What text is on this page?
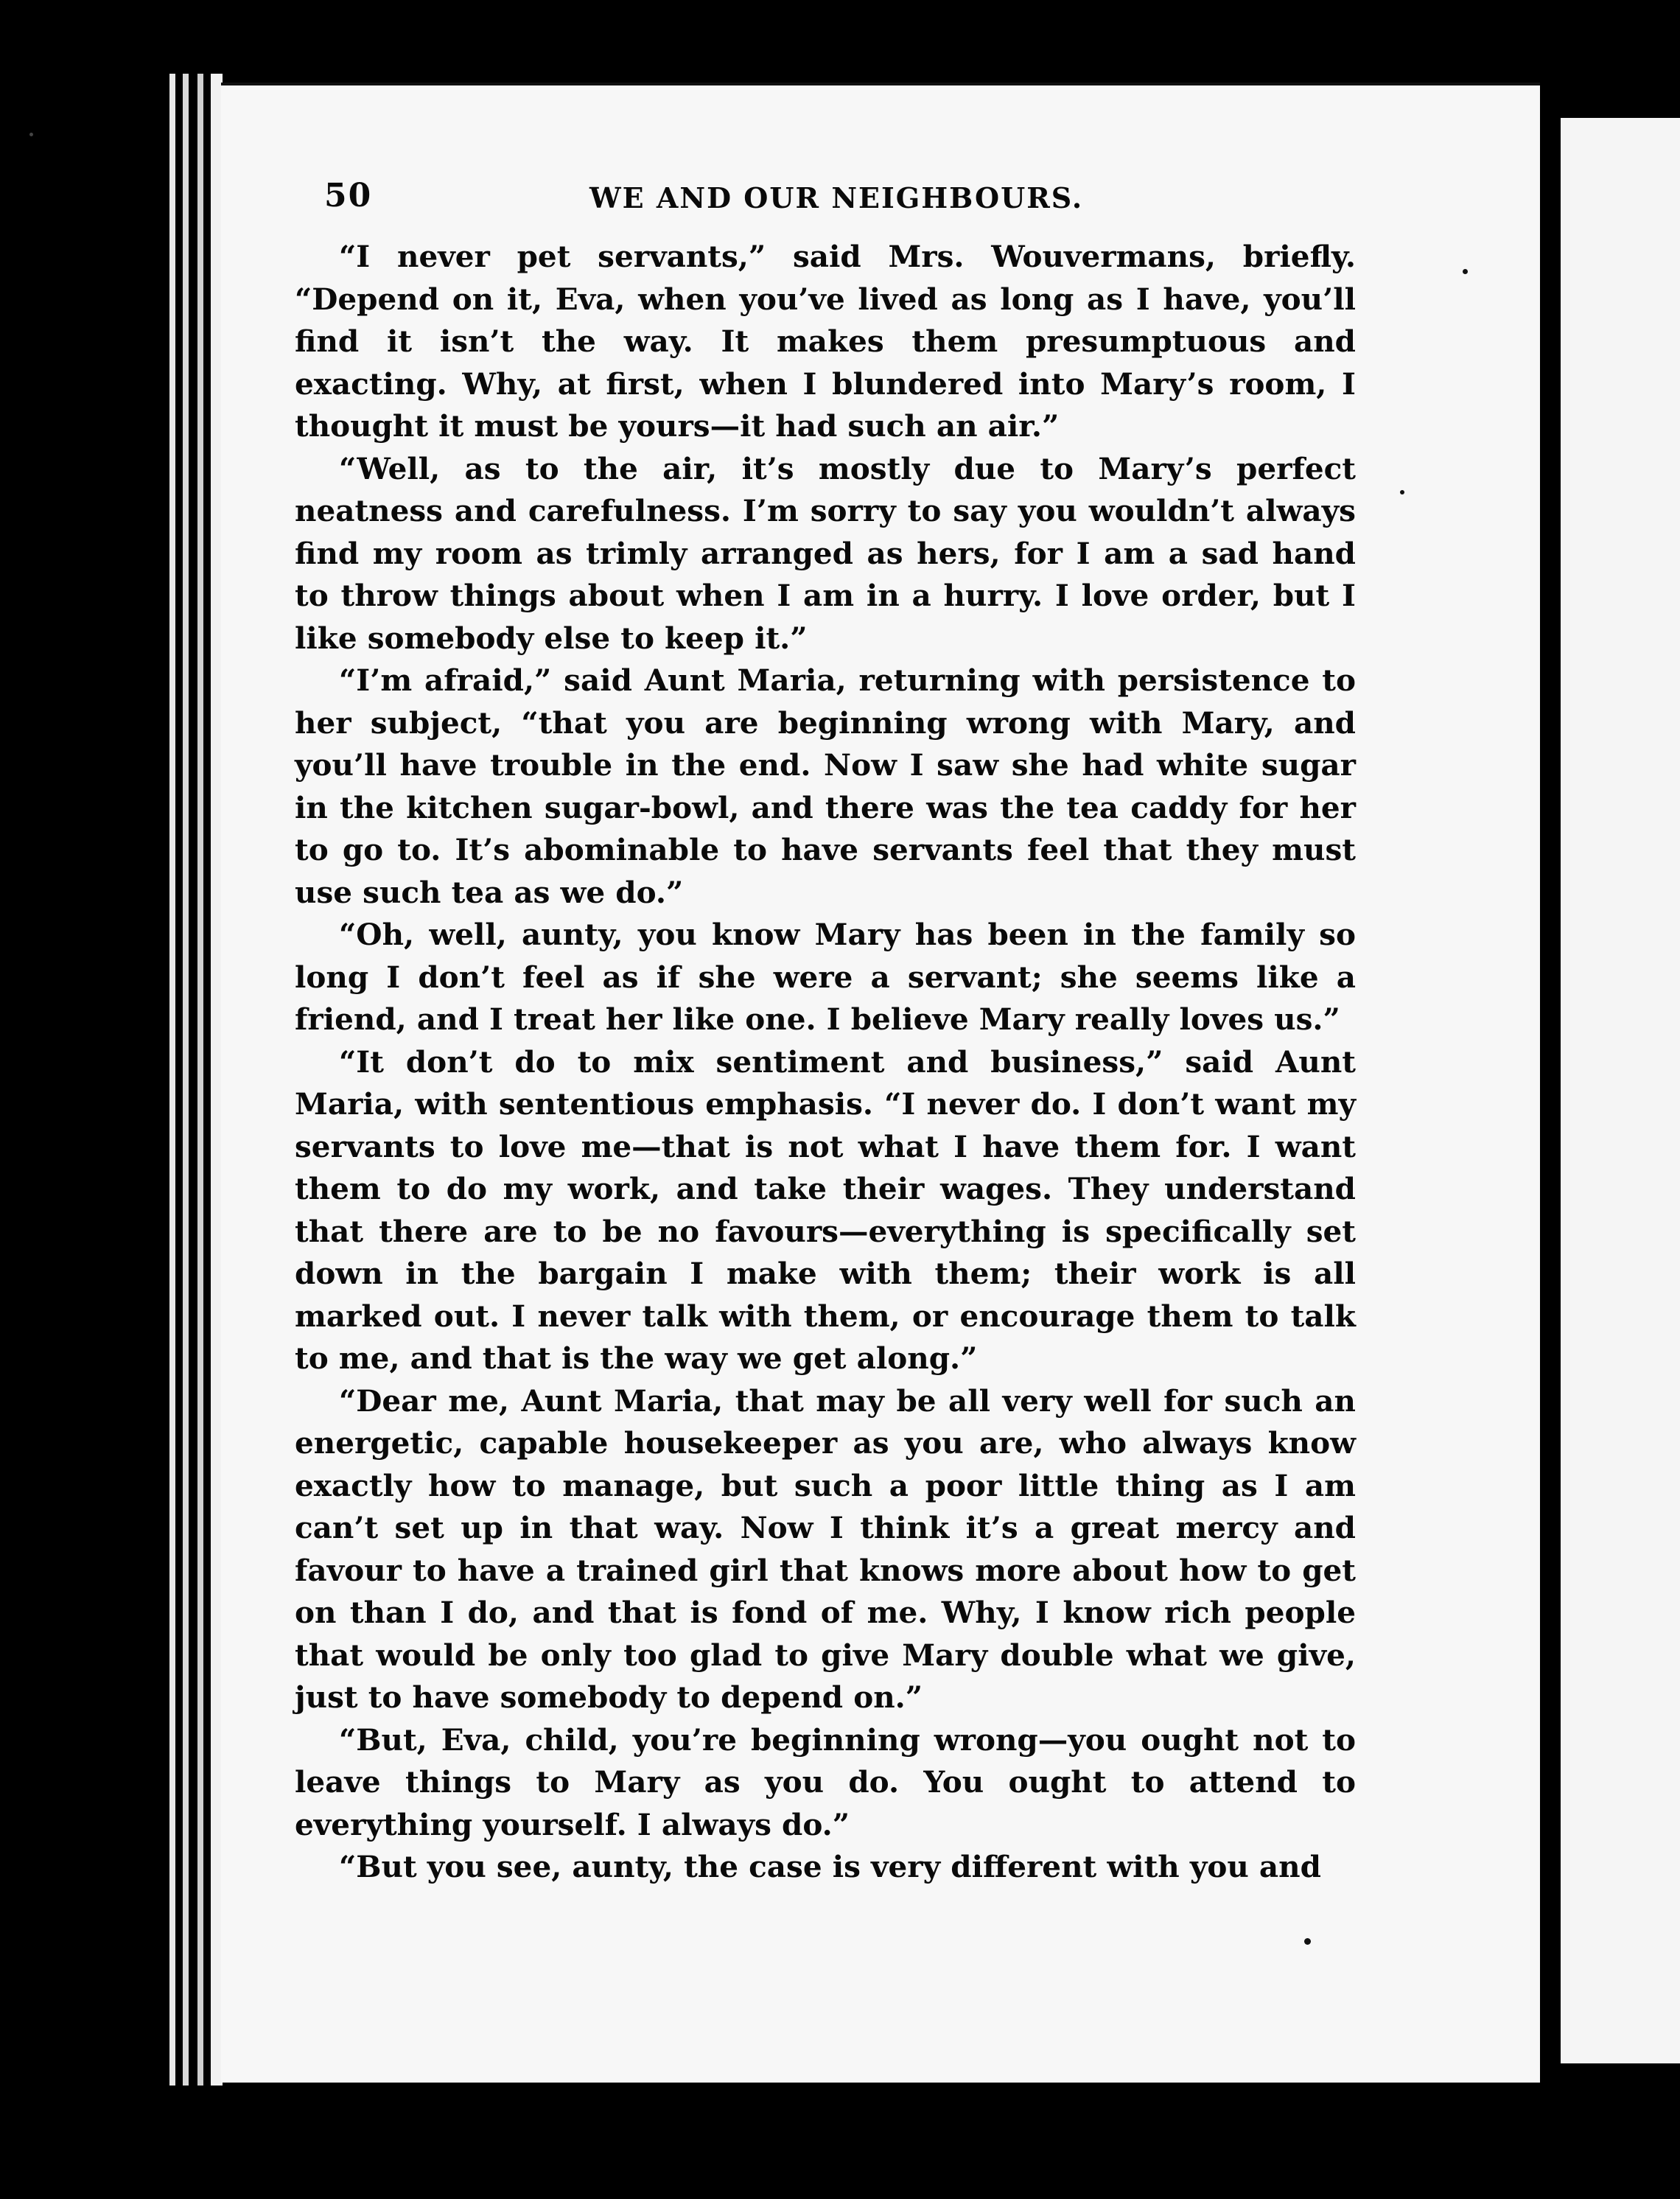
50	WE AND OUR NEIGHBOURS.

“I never pet servants,” said Mrs. Wouvermans, briefly. “Depend on it, Eva, when you’ve lived as long as I have, you’ll find it isn’t the way. It makes them presumptuous and exacting. Why, at first, when I blundered into Mary’s room, I thought it must be yours—it had such an air.”

“Well, as to the air, it’s mostly due to Mary’s perfect neatness and carefulness. I’m sorry to say you wouldn’t always find my room as trimly arranged as hers, for I am a sad hand to throw things about when I am in a hurry. I love order, but I like somebody else to keep it.”

“I’m afraid,” said Aunt Maria, returning with persistence to her subject, “that you are beginning wrong with Mary, and you’ll have trouble in the end. Now I saw she had white sugar in the kitchen sugar-bowl, and there was the tea caddy for her to go to. It’s abominable to have servants feel that they must use such tea as we do.”

“Oh, well, aunty, you know Mary has been in the family so long I don’t feel as if she were a servant; she seems like a friend, and I treat her like one. I believe Mary really loves us.”

“It don’t do to mix sentiment and business,” said Aunt Maria, with sententious emphasis. “I never do. I don’t want my servants to love me—that is not what I have them for. I want them to do my work, and take their wages. They understand that there are to be no favours—everything is specifically set down in the bargain I make with them; their work is all marked out. I never talk with them, or encourage them to talk to me, and that is the way we get along.”

“Dear me, Aunt Maria, that may be all very well for such an energetic, capable housekeeper as you are, who always know exactly how to manage, but such a poor little thing as I am can’t set up in that way. Now I think it’s a great mercy and favour to have a trained girl that knows more about how to get on than I do, and that is fond of me. Why, I know rich people that would be only too glad to give Mary double what we give, just to have somebody to depend on.”

“But, Eva, child, you’re beginning wrong—you ought not to leave things to Mary as you do. You ought to attend to everything yourself. I always do.”

“But you see, aunty, the case is very different with you and
